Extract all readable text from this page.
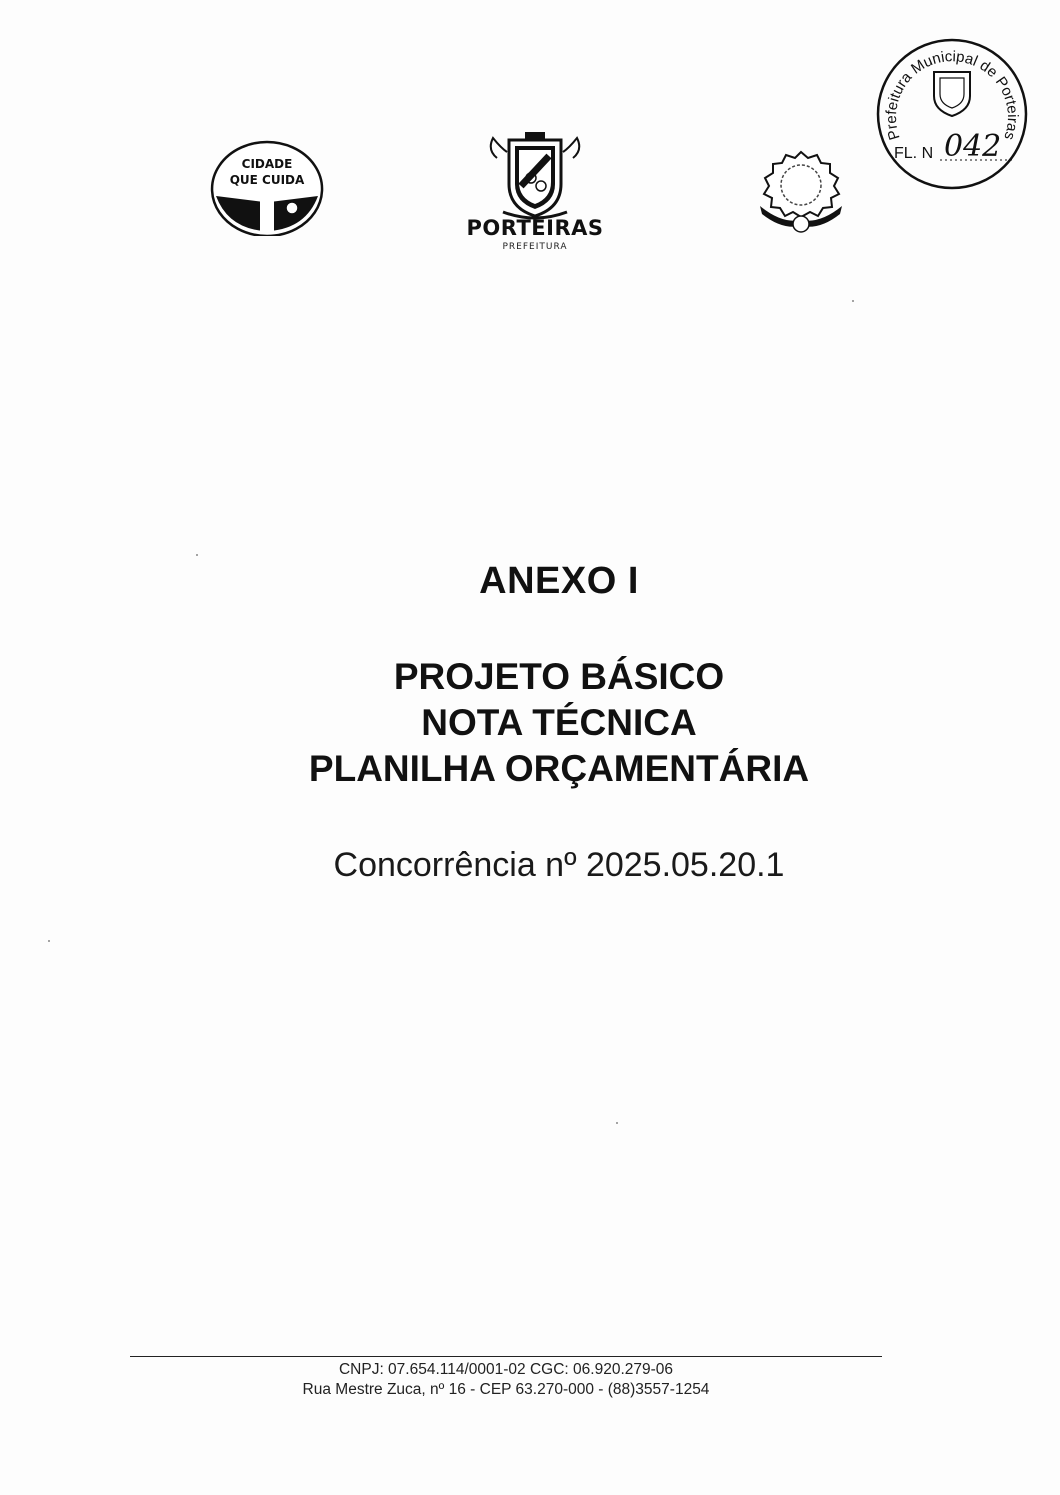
CIDADE
QUE CUIDA
PORTEIRAS
PREFEITURA
Prefeitura Municipal de Porteiras
FL. N 042
ANEXO I
PROJETO BÁSICO
NOTA TÉCNICA
PLANILHA ORÇAMENTÁRIA
Concorrência nº 2025.05.20.1
CNPJ: 07.654.114/0001-02 CGC: 06.920.279-06
Rua Mestre Zuca, nº 16 - CEP 63.270-000 - (88)3557-1254
